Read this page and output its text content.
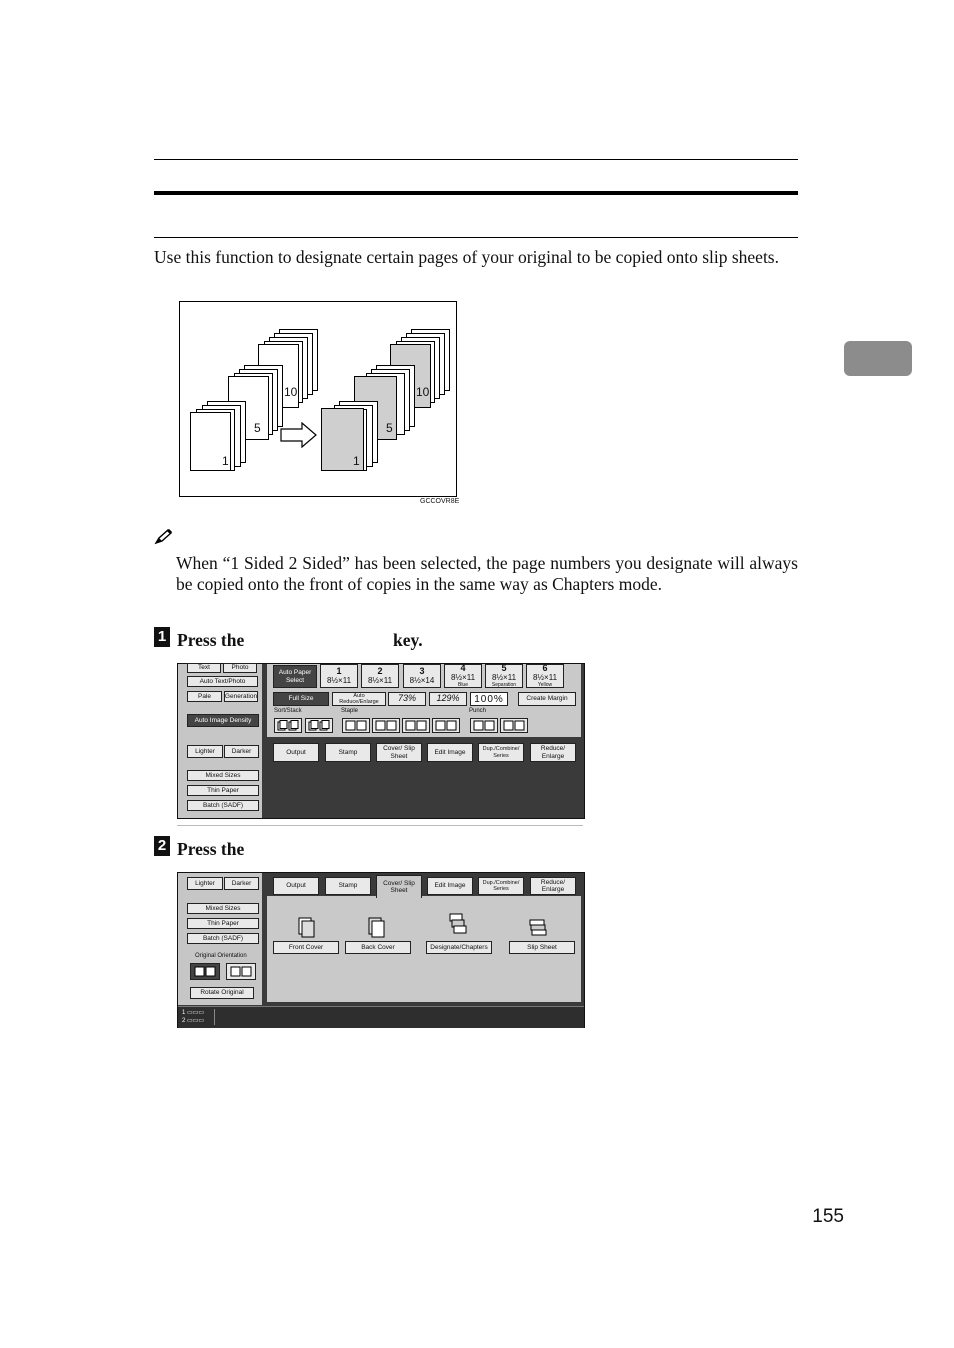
Use this function to designate certain pages of your original to be copied onto slip sheets.

10
5
1
10
5
1
GCCOVR8E

When “1 Sided 2 Sided” has been selected, the page numbers you designate will always be copied onto the front of copies in the same way as Chapters mode.

1 Press the	key.
Text	Photo
Auto Text/Photo
Pale	Generation
Auto Image Density
Lighter	Darker
Mixed Sizes
Thin Paper
Batch (SADF)
Auto Paper Select
1
8½×11
2
8½×11
3
8½×14
4
8½×11
Blue
5
8½×11
Separation
6
8½×11
Yellow
Full Size	Auto Reduce/Enlarge	73%	129%	100%	Create Margin
Sort/Stack	Staple	Punch
Output	Stamp
Cover/ Slip Sheet
Edit Image	Dup./Combine/ Series
Reduce/ Enlarge
2 Press the
Lighter	Darker
Mixed Sizes
Thin Paper
Batch (SADF)
Original Orientation
Rotate Original
Output	Stamp	Cover/ Slip Sheet
Edit Image	Dup./Combine/ Series
Reduce/ Enlarge
Front Cover	Back Cover	Designate/Chapters	Slip Sheet
1 ▭▭▭
2 ▭▭▭
155
